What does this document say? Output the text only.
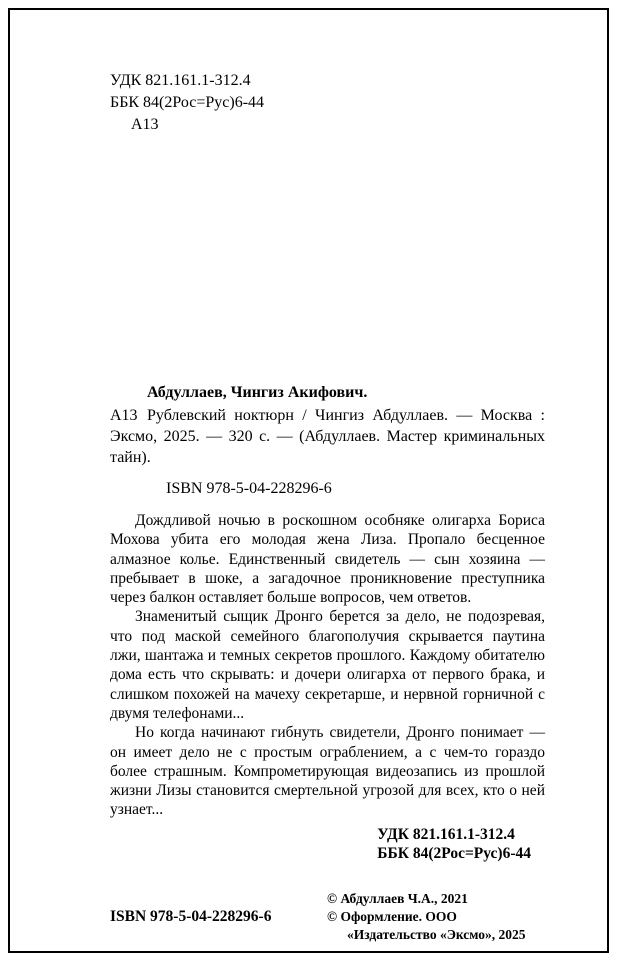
УДК 821.161.1-312.4
ББК 84(2Рос=Рус)6-44
А13
Абдуллаев, Чингиз Акифович.
А13 Рублевский ноктюрн / Чингиз Абдуллаев. — Москва : Эксмо, 2025. — 320 с. — (Абдуллаев. Мастер криминальных тайн).

ISBN 978-5-04-228296-6

Дождливой ночью в роскошном особняке олигарха Бориса Мохова убита его молодая жена Лиза. Пропало бесценное алмазное колье. Единственный свидетель — сын хозяина — пребывает в шоке, а загадочное проникновение преступника через балкон оставляет больше вопросов, чем ответов.

Знаменитый сыщик Дронго берется за дело, не подозревая, что под маской семейного благополучия скрывается паутина лжи, шантажа и темных секретов прошлого. Каждому обитателю дома есть что скрывать: и дочери олигарха от первого брака, и слишком похожей на мачеху секретарше, и нервной горничной с двумя телефонами...

Но когда начинают гибнуть свидетели, Дронго понимает — он имеет дело не с простым ограблением, а с чем-то гораздо более страшным. Компрометирующая видеозапись из прошлой жизни Лизы становится смертельной угрозой для всех, кто о ней узнает...

УДК 821.161.1-312.4
ББК 84(2Рос=Рус)6-44
ISBN 978-5-04-228296-6
© Абдуллаев Ч.А., 2021
© Оформление. ООО «Издательство «Эксмо», 2025
